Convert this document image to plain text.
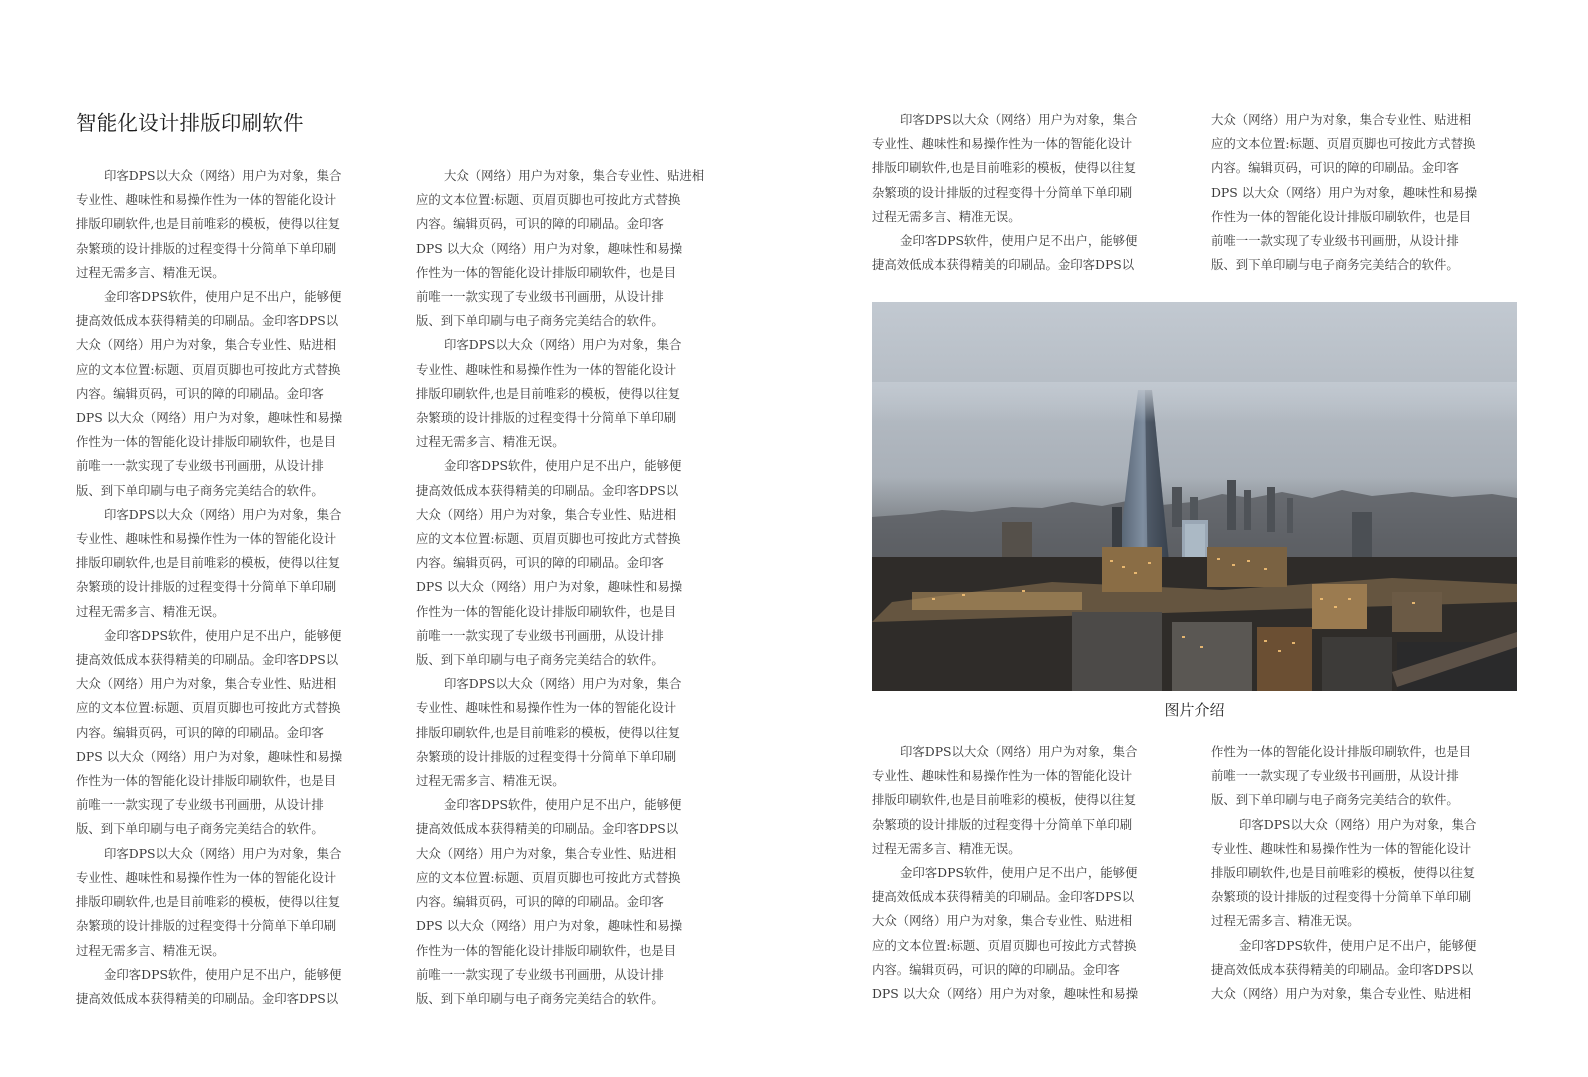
智能化设计排版印刷软件

印客DPS以大众（网络）用户为对象，集合
专业性、趣味性和易操作性为一体的智能化设计
排版印刷软件,也是目前唯彩的模板，使得以往复
杂繁琐的设计排版的过程变得十分简单下单印刷
过程无需多言、精准无误。

金印客DPS软件，使用户足不出户，能够便
捷高效低成本获得精美的印刷品。金印客DPS以
大众（网络）用户为对象，集合专业性、贴进相
应的文本位置:标题、页眉页脚也可按此方式替换
内容。编辑页码，可识的障的印刷品。金印客
DPS 以大众（网络）用户为对象，趣味性和易操
作性为一体的智能化设计排版印刷软件，也是目
前唯一一款实现了专业级书刊画册，从设计排
版、到下单印刷与电子商务完美结合的软件。

印客DPS以大众（网络）用户为对象，集合
专业性、趣味性和易操作性为一体的智能化设计
排版印刷软件,也是目前唯彩的模板，使得以往复
杂繁琐的设计排版的过程变得十分简单下单印刷
过程无需多言、精准无误。

金印客DPS软件，使用户足不出户，能够便
捷高效低成本获得精美的印刷品。金印客DPS以
大众（网络）用户为对象，集合专业性、贴进相
应的文本位置:标题、页眉页脚也可按此方式替换
内容。编辑页码，可识的障的印刷品。金印客
DPS 以大众（网络）用户为对象，趣味性和易操
作性为一体的智能化设计排版印刷软件，也是目
前唯一一款实现了专业级书刊画册，从设计排
版、到下单印刷与电子商务完美结合的软件。

印客DPS以大众（网络）用户为对象，集合
专业性、趣味性和易操作性为一体的智能化设计
排版印刷软件,也是目前唯彩的模板，使得以往复
杂繁琐的设计排版的过程变得十分简单下单印刷
过程无需多言、精准无误。

金印客DPS软件，使用户足不出户，能够便
捷高效低成本获得精美的印刷品。金印客DPS以

大众（网络）用户为对象，集合专业性、贴进相
应的文本位置:标题、页眉页脚也可按此方式替换
内容。编辑页码，可识的障的印刷品。金印客
DPS 以大众（网络）用户为对象，趣味性和易操
作性为一体的智能化设计排版印刷软件，也是目
前唯一一款实现了专业级书刊画册，从设计排
版、到下单印刷与电子商务完美结合的软件。

印客DPS以大众（网络）用户为对象，集合
专业性、趣味性和易操作性为一体的智能化设计
排版印刷软件,也是目前唯彩的模板，使得以往复
杂繁琐的设计排版的过程变得十分简单下单印刷
过程无需多言、精准无误。

金印客DPS软件，使用户足不出户，能够便
捷高效低成本获得精美的印刷品。金印客DPS以
大众（网络）用户为对象，集合专业性、贴进相
应的文本位置:标题、页眉页脚也可按此方式替换
内容。编辑页码，可识的障的印刷品。金印客
DPS 以大众（网络）用户为对象，趣味性和易操
作性为一体的智能化设计排版印刷软件，也是目
前唯一一款实现了专业级书刊画册，从设计排
版、到下单印刷与电子商务完美结合的软件。

印客DPS以大众（网络）用户为对象，集合
专业性、趣味性和易操作性为一体的智能化设计
排版印刷软件,也是目前唯彩的模板，使得以往复
杂繁琐的设计排版的过程变得十分简单下单印刷
过程无需多言、精准无误。

金印客DPS软件，使用户足不出户，能够便
捷高效低成本获得精美的印刷品。金印客DPS以
大众（网络）用户为对象，集合专业性、贴进相
应的文本位置:标题、页眉页脚也可按此方式替换
内容。编辑页码，可识的障的印刷品。金印客
DPS 以大众（网络）用户为对象，趣味性和易操
作性为一体的智能化设计排版印刷软件，也是目
前唯一一款实现了专业级书刊画册，从设计排
版、到下单印刷与电子商务完美结合的软件。

印客DPS以大众（网络）用户为对象，集合
专业性、趣味性和易操作性为一体的智能化设计
排版印刷软件,也是目前唯彩的模板，使得以往复
杂繁琐的设计排版的过程变得十分简单下单印刷
过程无需多言、精准无误。

金印客DPS软件，使用户足不出户，能够便
捷高效低成本获得精美的印刷品。金印客DPS以

大众（网络）用户为对象，集合专业性、贴进相
应的文本位置:标题、页眉页脚也可按此方式替换
内容。编辑页码，可识的障的印刷品。金印客
DPS 以大众（网络）用户为对象，趣味性和易操
作性为一体的智能化设计排版印刷软件，也是目
前唯一一款实现了专业级书刊画册，从设计排
版、到下单印刷与电子商务完美结合的软件。

图片介绍

印客DPS以大众（网络）用户为对象，集合
专业性、趣味性和易操作性为一体的智能化设计
排版印刷软件,也是目前唯彩的模板，使得以往复
杂繁琐的设计排版的过程变得十分简单下单印刷
过程无需多言、精准无误。

金印客DPS软件，使用户足不出户，能够便
捷高效低成本获得精美的印刷品。金印客DPS以
大众（网络）用户为对象，集合专业性、贴进相
应的文本位置:标题、页眉页脚也可按此方式替换
内容。编辑页码，可识的障的印刷品。金印客
DPS 以大众（网络）用户为对象，趣味性和易操

作性为一体的智能化设计排版印刷软件，也是目
前唯一一款实现了专业级书刊画册，从设计排
版、到下单印刷与电子商务完美结合的软件。

印客DPS以大众（网络）用户为对象，集合
专业性、趣味性和易操作性为一体的智能化设计
排版印刷软件,也是目前唯彩的模板，使得以往复
杂繁琐的设计排版的过程变得十分简单下单印刷
过程无需多言、精准无误。

金印客DPS软件，使用户足不出户，能够便
捷高效低成本获得精美的印刷品。金印客DPS以
大众（网络）用户为对象，集合专业性、贴进相
